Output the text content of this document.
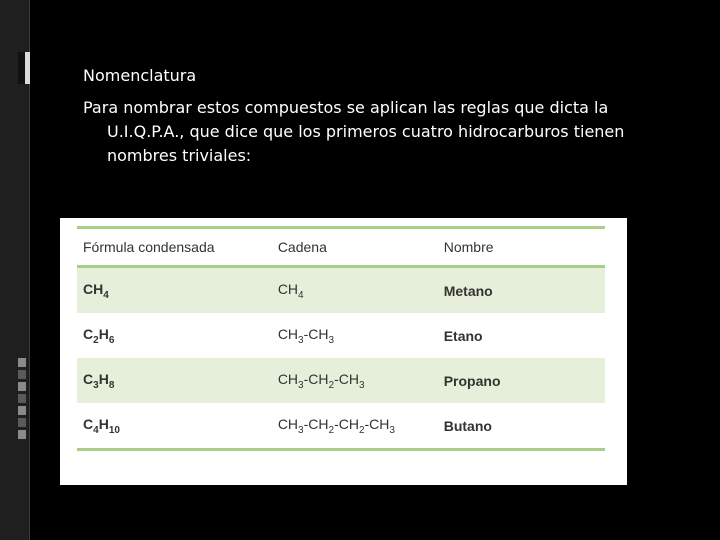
Nomenclatura
Para nombrar estos compuestos se aplican las reglas que dicta la U.I.Q.P.A., que dice que los primeros cuatro hidrocarburos tienen nombres triviales:
Fórmula condensada	Cadena	Nombre
$CH_4$	$CH_4$	Metano
$C_2H_6$	$CH_3-CH_3$	Etano
$C_3H_8$	$CH_3-CH_2-CH_3$	Propano
$C_4H_{10}$	$CH_3-CH_2-CH_2-CH_3$	Butano
